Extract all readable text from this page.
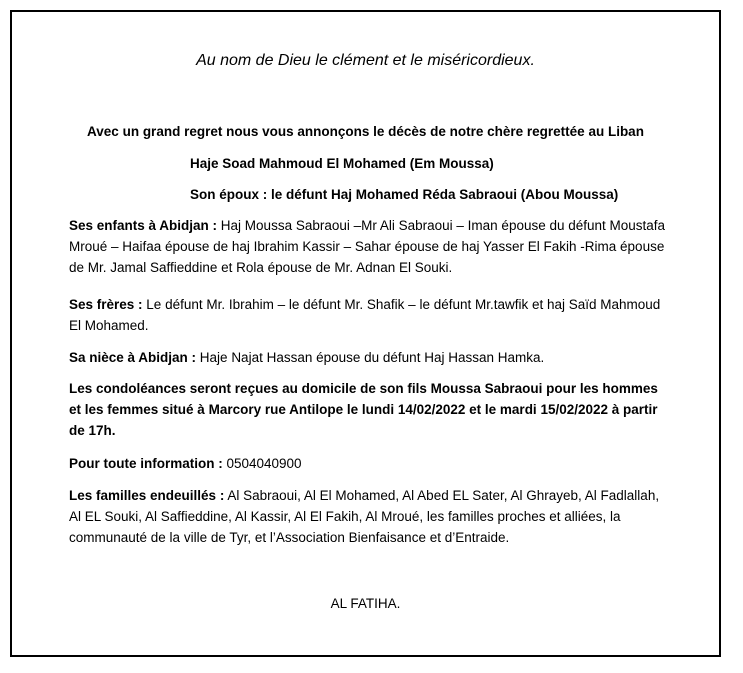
Au nom de Dieu le clément et le miséricordieux.
Avec un grand regret nous vous annonçons le décès de notre chère regrettée au Liban
Haje Soad Mahmoud El Mohamed (Em Moussa)
Son époux : le défunt Haj Mohamed Réda Sabraoui (Abou Moussa)
Ses enfants à Abidjan : Haj Moussa Sabraoui –Mr Ali Sabraoui – Iman épouse du défunt Moustafa Mroué – Haifaa épouse de haj Ibrahim Kassir – Sahar épouse de haj Yasser El Fakih -Rima épouse de Mr. Jamal Saffieddine et Rola épouse de Mr. Adnan El Souki.
Ses frères : Le défunt Mr. Ibrahim – le défunt Mr. Shafik – le défunt Mr.tawfik et haj Saïd Mahmoud El Mohamed.
Sa nièce à Abidjan : Haje Najat Hassan épouse du défunt Haj Hassan Hamka.
Les condoléances seront reçues au domicile de son fils Moussa Sabraoui pour les hommes et les femmes situé à Marcory rue Antilope le lundi 14/02/2022 et le mardi 15/02/2022 à partir de 17h.
Pour toute information : 0504040900
Les familles endeuillés : Al Sabraoui, Al El Mohamed, Al Abed EL Sater, Al Ghrayeb, Al Fadlallah, Al EL Souki, Al Saffieddine, Al Kassir, Al El Fakih, Al Mroué, les familles proches et alliées, la communauté de la ville de Tyr, et l’Association Bienfaisance et d’Entraide.
AL FATIHA.
